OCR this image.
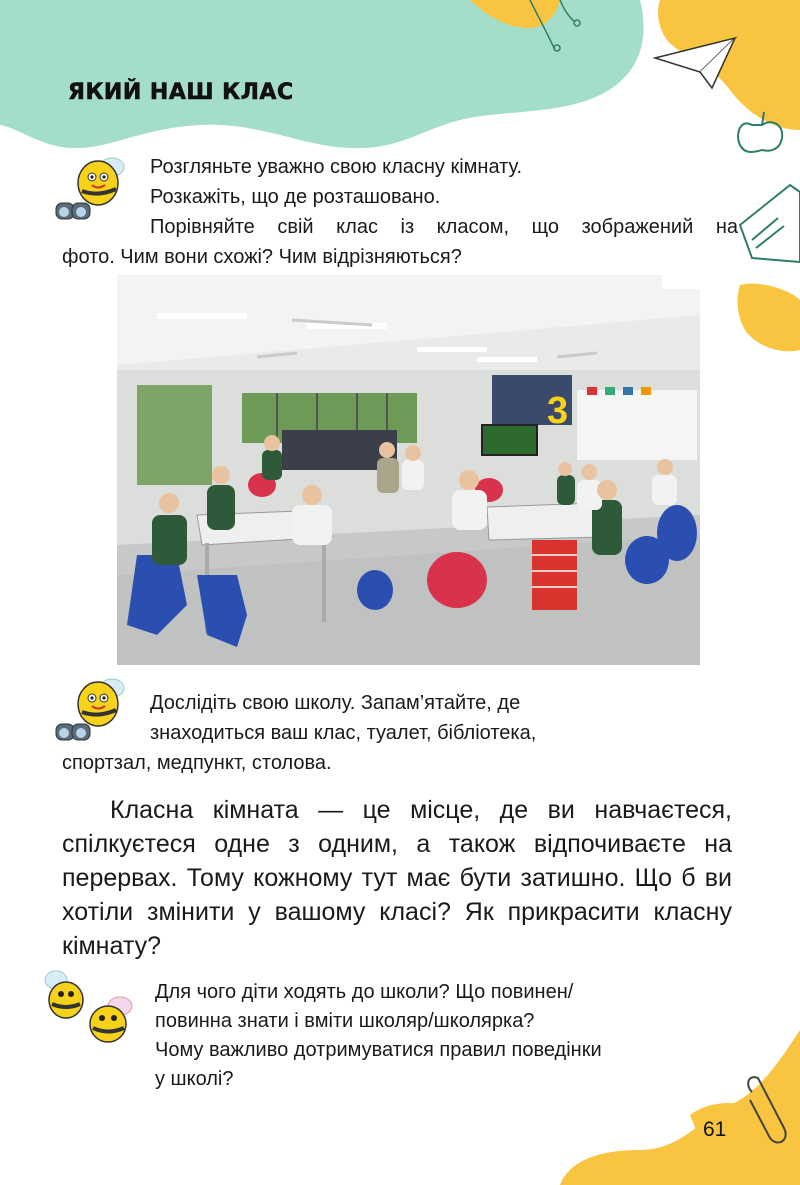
ЯКИЙ НАШ КЛАС
Розгляньте уважно свою класну кімнату.
Розкажіть, що де розташовано.
Порівняйте свій клас із класом, що зображений на
фото. Чим вони схожі? Чим відрізняються?
3
Дослідіть свою школу. Запам’ятайте, де
знаходиться ваш клас, туалет, бібліотека,
спортзал, медпункт, столова.
Класна кімната — це місце, де ви навчаєтеся, спілкуєтеся одне з одним, а також відпочиваєте на перервах. Тому кожному тут має бути затишно. Що б ви хотіли змінити у вашому класі? Як прикрасити класну кімнату?
Для чого діти ходять до школи? Що повинен/
повинна знати і вміти школяр/школярка?
Чому важливо дотримуватися правил поведінки
у школі?
61
